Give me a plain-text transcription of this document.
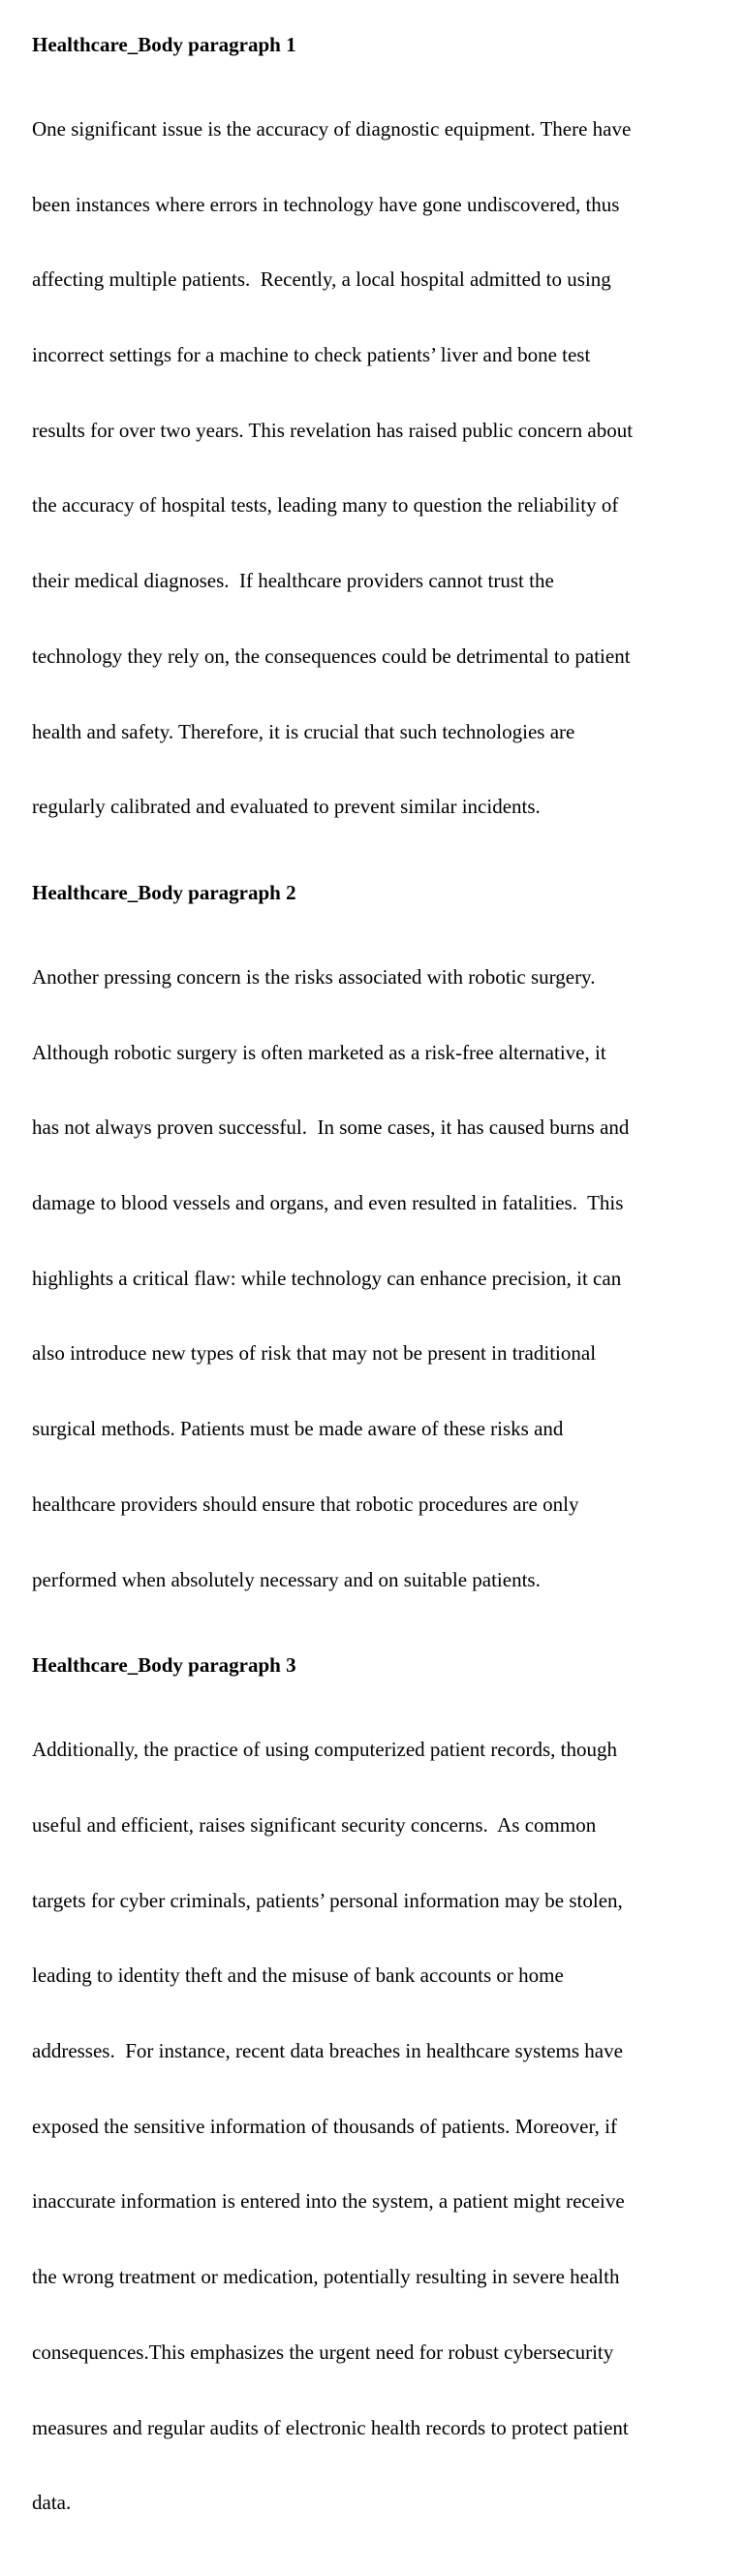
Healthcare_Body paragraph 1

One significant issue is the accuracy of diagnostic equipment. There have

been instances where errors in technology have gone undiscovered, thus

affecting multiple patients.  Recently, a local hospital admitted to using

incorrect settings for a machine to check patients’ liver and bone test

results for over two years. This revelation has raised public concern about

the accuracy of hospital tests, leading many to question the reliability of

their medical diagnoses.  If healthcare providers cannot trust the

technology they rely on, the consequences could be detrimental to patient

health and safety. Therefore, it is crucial that such technologies are

regularly calibrated and evaluated to prevent similar incidents.

Healthcare_Body paragraph 2

Another pressing concern is the risks associated with robotic surgery.

Although robotic surgery is often marketed as a risk-free alternative, it

has not always proven successful.  In some cases, it has caused burns and

damage to blood vessels and organs, and even resulted in fatalities.  This

highlights a critical flaw: while technology can enhance precision, it can

also introduce new types of risk that may not be present in traditional

surgical methods. Patients must be made aware of these risks and

healthcare providers should ensure that robotic procedures are only

performed when absolutely necessary and on suitable patients.

Healthcare_Body paragraph 3

Additionally, the practice of using computerized patient records, though

useful and efficient, raises significant security concerns.  As common

targets for cyber criminals, patients’ personal information may be stolen,

leading to identity theft and the misuse of bank accounts or home

addresses.  For instance, recent data breaches in healthcare systems have

exposed the sensitive information of thousands of patients. Moreover, if

inaccurate information is entered into the system, a patient might receive

the wrong treatment or medication, potentially resulting in severe health

consequences.This emphasizes the urgent need for robust cybersecurity

measures and regular audits of electronic health records to protect patient

data.
